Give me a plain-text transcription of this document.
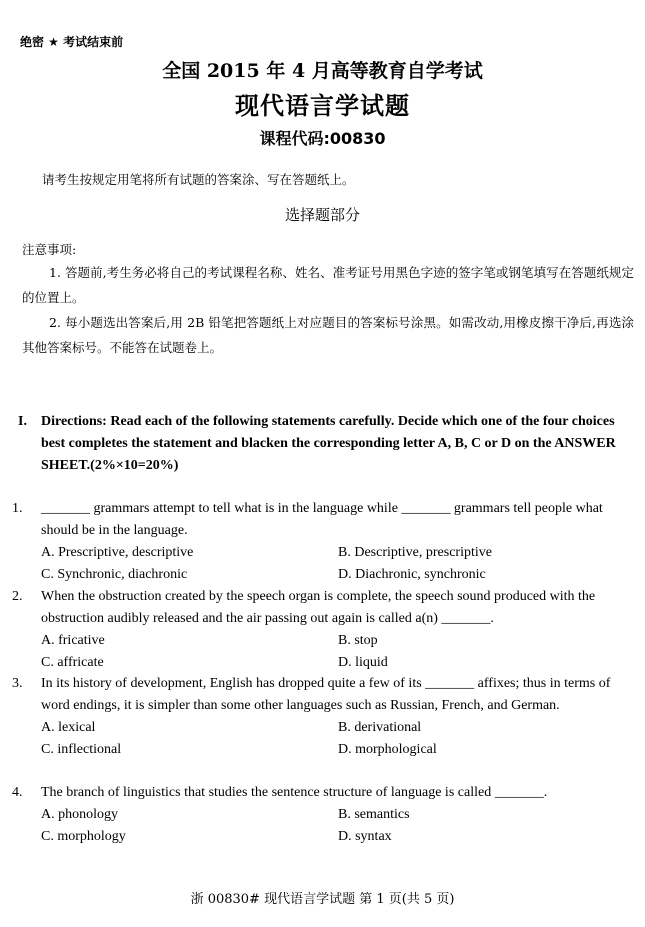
绝密 ★ 考试结束前
全国 2015 年 4 月高等教育自学考试
现代语言学试题
课程代码:00830
请考生按规定用笔将所有试题的答案涂、写在答题纸上。
选择题部分
注意事项:
1. 答题前,考生务必将自己的考试课程名称、姓名、准考证号用黑色字迹的签字笔或钢笔填写在答题纸规定的位置上。
2. 每小题选出答案后,用 2B 铅笔把答题纸上对应题目的答案标号涂黑。如需改动,用橡皮擦干净后,再选涂其他答案标号。不能答在试题卷上。
I. Directions: Read each of the following statements carefully. Decide which one of the four choices best completes the statement and blacken the corresponding letter A, B, C or D on the ANSWER SHEET.(2%×10=20%)
1. _______ grammars attempt to tell what is in the language while _______ grammars tell people what should be in the language.
A. Prescriptive, descriptive	B. Descriptive, prescriptive
C. Synchronic, diachronic	D. Diachronic, synchronic
2. When the obstruction created by the speech organ is complete, the speech sound produced with the obstruction audibly released and the air passing out again is called a(n) _______.
A. fricative	B. stop
C. affricate	D. liquid
3. In its history of development, English has dropped quite a few of its _______ affixes; thus in terms of word endings, it is simpler than some other languages such as Russian, French, and German.
A. lexical	B. derivational
C. inflectional	D. morphological
4. The branch of linguistics that studies the sentence structure of language is called _______.
A. phonology	B. semantics
C. morphology	D. syntax
浙 00830# 现代语言学试题 第 1 页(共 5 页)
